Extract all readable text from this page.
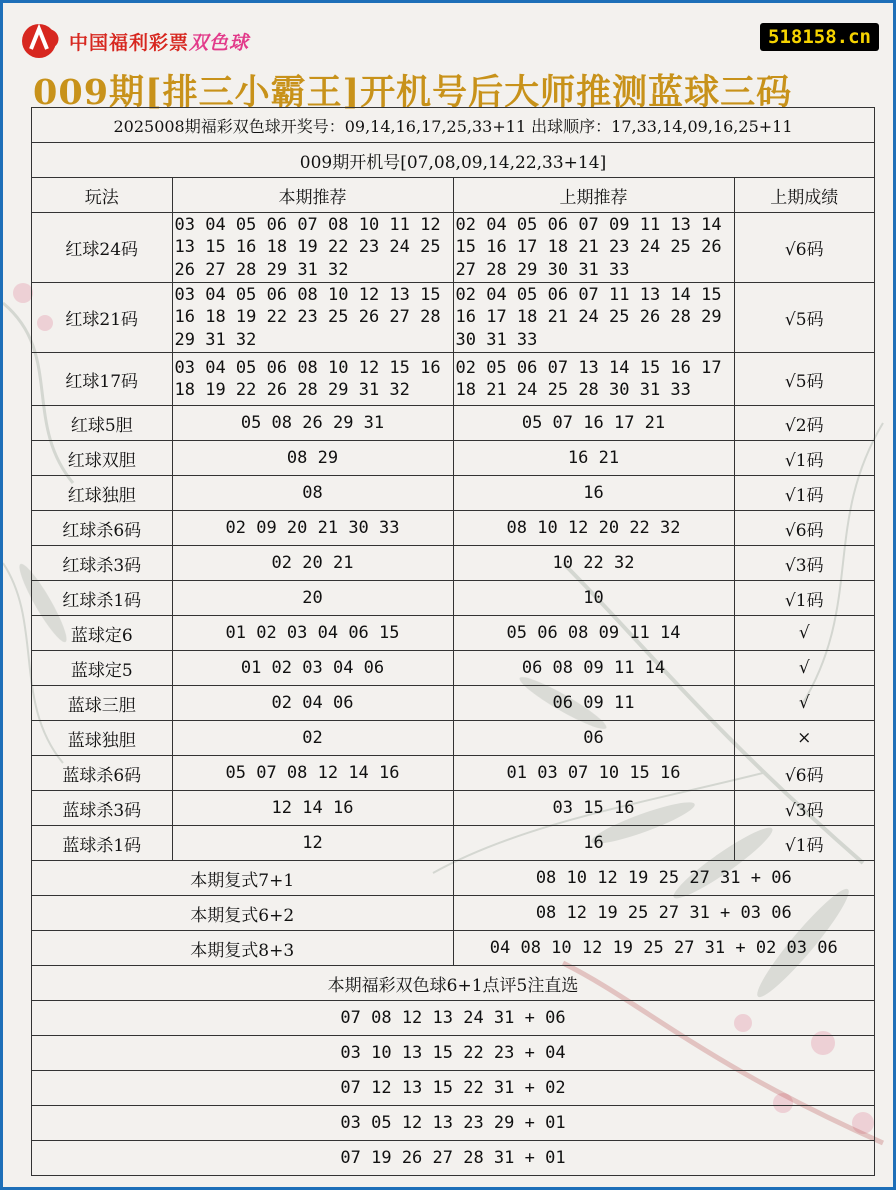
中国福利彩票双色球	518158.cn
009期[排三小霸王]开机号后大师推测蓝球三码
2025008期福彩双色球开奖号：09,14,16,17,25,33+11 出球顺序：17,33,14,09,16,25+11			
009期开机号[07,08,09,14,22,33+14]			
玩法	本期推荐	上期推荐	上期成绩
红球24码	03 04 05 06 07 08 10 11 12
13 15 16 18 19 22 23 24 25
26 27 28 29 31 32	02 04 05 06 07 09 11 13 14
15 16 17 18 21 23 24 25 26
27 28 29 30 31 33	√6码
红球21码	03 04 05 06 08 10 12 13 15
16 18 19 22 23 25 26 27 28
29 31 32	02 04 05 06 07 11 13 14 15
16 17 18 21 24 25 26 28 29
30 31 33	√5码
红球17码	03 04 05 06 08 10 12 15 16
18 19 22 26 28 29 31 32	02 05 06 07 13 14 15 16 17
18 21 24 25 28 30 31 33	√5码
红球5胆	05 08 26 29 31	05 07 16 17 21	√2码
红球双胆	08 29	16 21	√1码
红球独胆	08	16	√1码
红球杀6码	02 09 20 21 30 33	08 10 12 20 22 32	√6码
红球杀3码	02 20 21	10 22 32	√3码
红球杀1码	20	10	√1码
蓝球定6	01 02 03 04 06 15	05 06 08 09 11 14	√
蓝球定5	01 02 03 04 06	06 08 09 11 14	√
蓝球三胆	02 04 06	06 09 11	√
蓝球独胆	02	06	×
蓝球杀6码	05 07 08 12 14 16	01 03 07 10 15 16	√6码
蓝球杀3码	12 14 16	03 15 16	√3码
蓝球杀1码	12	16	√1码
本期复式7+1		08 10 12 19 25 27 31 + 06	
本期复式6+2		08 12 19 25 27 31 + 03 06	
本期复式8+3		04 08 10 12 19 25 27 31 + 02 03 06	
本期福彩双色球6+1点评5注直选			
07 08 12 13 24 31 + 06			
03 10 13 15 22 23 + 04			
07 12 13 15 22 31 + 02			
03 05 12 13 23 29 + 01			
07 19 26 27 28 31 + 01			
